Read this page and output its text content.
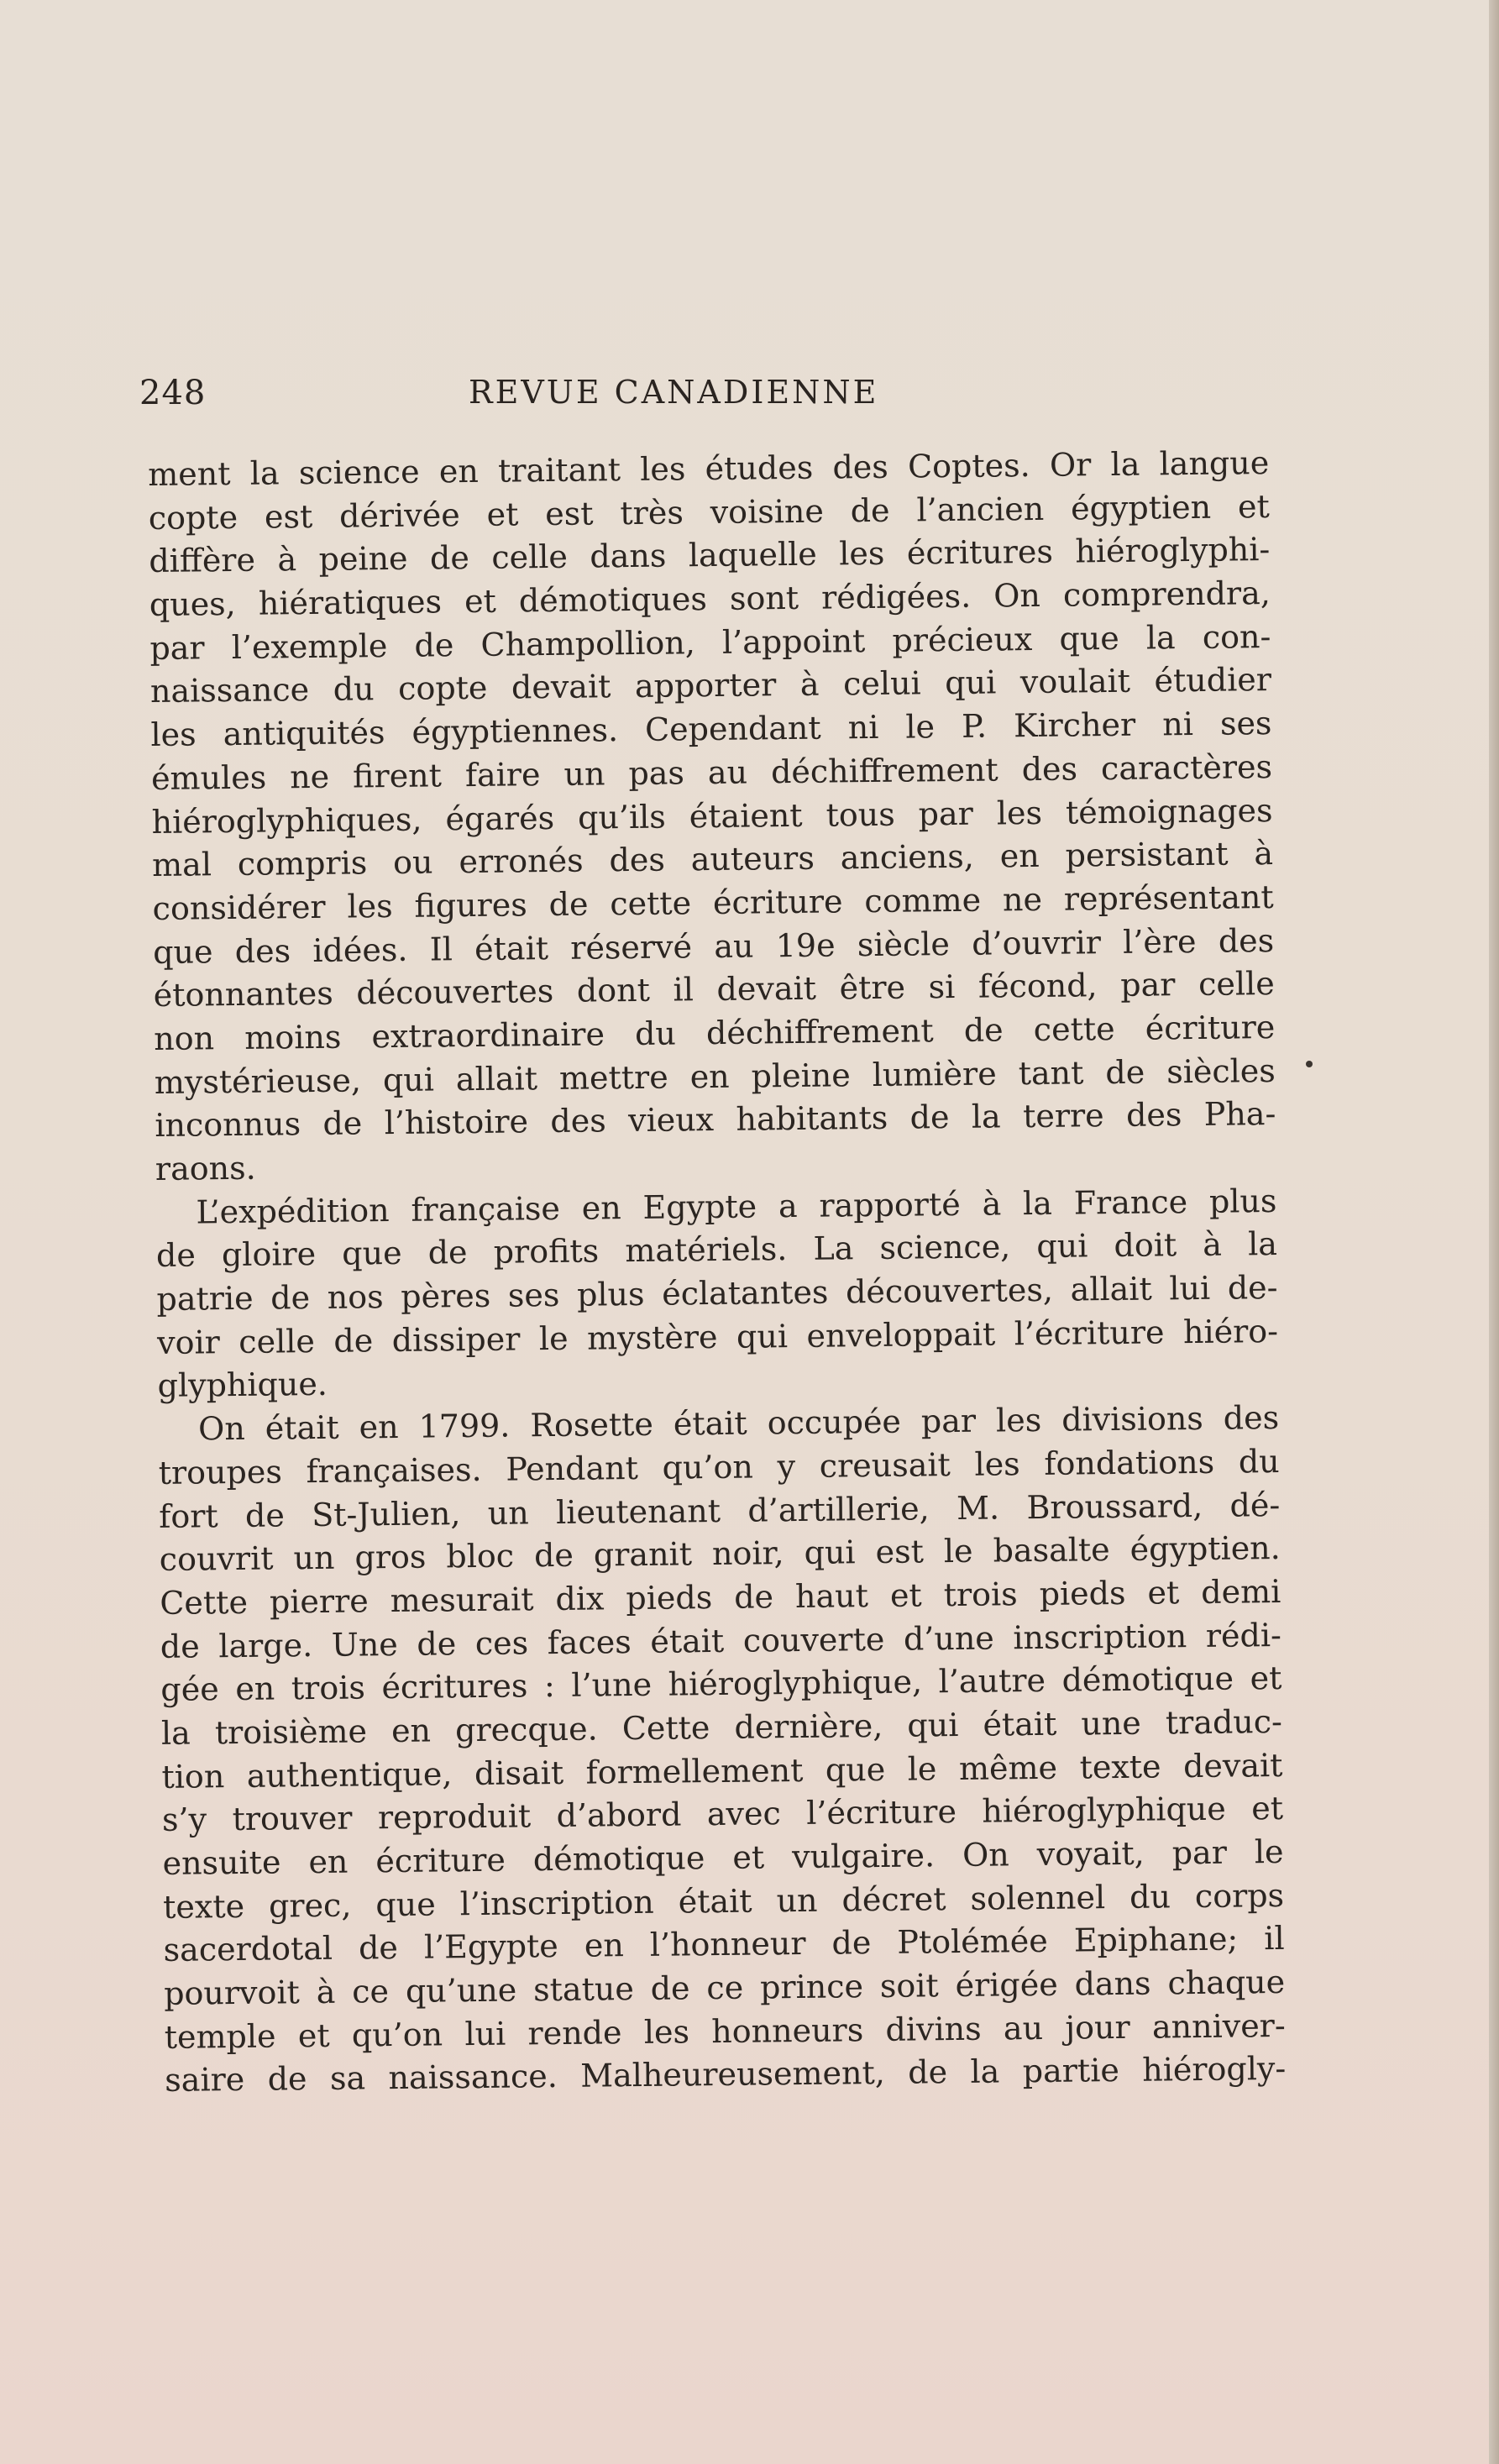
248	REVUE CANADIENNE
ment la science en traitant les études des Coptes. Or la langue
copte est dérivée et est très voisine de l’ancien égyptien et
diffère à peine de celle dans laquelle les écritures hiéroglyphi-
ques, hiératiques et démotiques sont rédigées. On comprendra,
par l’exemple de Champollion, l’appoint précieux que la con-
naissance du copte devait apporter à celui qui voulait étudier
les antiquités égyptiennes. Cependant ni le P. Kircher ni ses
émules ne firent faire un pas au déchiffrement des caractères
hiéroglyphiques, égarés qu’ils étaient tous par les témoignages
mal compris ou erronés des auteurs anciens, en persistant à
considérer les figures de cette écriture comme ne représentant
que des idées. Il était réservé au 19e siècle d’ouvrir l’ère des
étonnantes découvertes dont il devait être si fécond, par celle
non moins extraordinaire du déchiffrement de cette écriture
mystérieuse, qui allait mettre en pleine lumière tant de siècles
inconnus de l’histoire des vieux habitants de la terre des Pha-
raons.
L’expédition française en Egypte a rapporté à la France plus
de gloire que de profits matériels. La science, qui doit à la
patrie de nos pères ses plus éclatantes découvertes, allait lui de-
voir celle de dissiper le mystère qui enveloppait l’écriture hiéro-
glyphique.
On était en 1799. Rosette était occupée par les divisions des
troupes françaises. Pendant qu’on y creusait les fondations du
fort de St-Julien, un lieutenant d’artillerie, M. Broussard, dé-
couvrit un gros bloc de granit noir, qui est le basalte égyptien.
Cette pierre mesurait dix pieds de haut et trois pieds et demi
de large. Une de ces faces était couverte d’une inscription rédi-
gée en trois écritures : l’une hiéroglyphique, l’autre démotique et
la troisième en grecque. Cette dernière, qui était une traduc-
tion authentique, disait formellement que le même texte devait
s’y trouver reproduit d’abord avec l’écriture hiéroglyphique et
ensuite en écriture démotique et vulgaire. On voyait, par le
texte grec, que l’inscription était un décret solennel du corps
sacerdotal de l’Egypte en l’honneur de Ptolémée Epiphane; il
pourvoit à ce qu’une statue de ce prince soit érigée dans chaque
temple et qu’on lui rende les honneurs divins au jour anniver-
saire de sa naissance. Malheureusement, de la partie hiérogly-
